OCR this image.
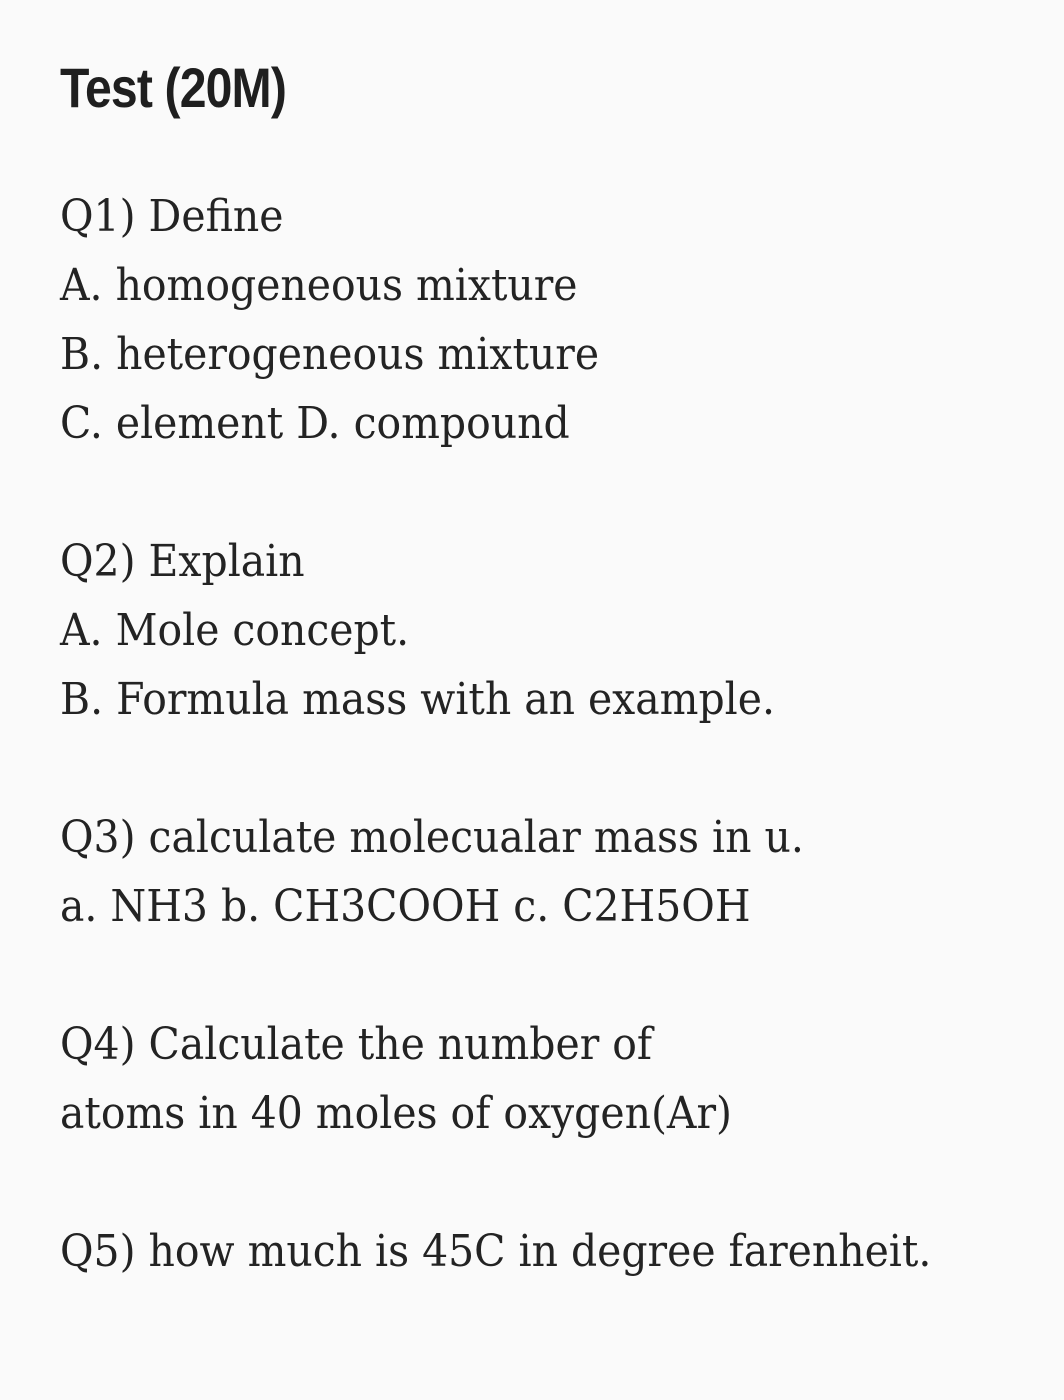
Test (20M)
Q1) Define
A. homogeneous mixture
B. heterogeneous mixture
C. element D. compound
Q2) Explain
A. Mole concept.
B. Formula mass with an example.
Q3) calculate molecualar mass in u.
a. NH3 b. CH3COOH c. C2H5OH
Q4) Calculate the number of
atoms in 40 moles of oxygen(Ar)
Q5) how much is 45C in degree farenheit.
